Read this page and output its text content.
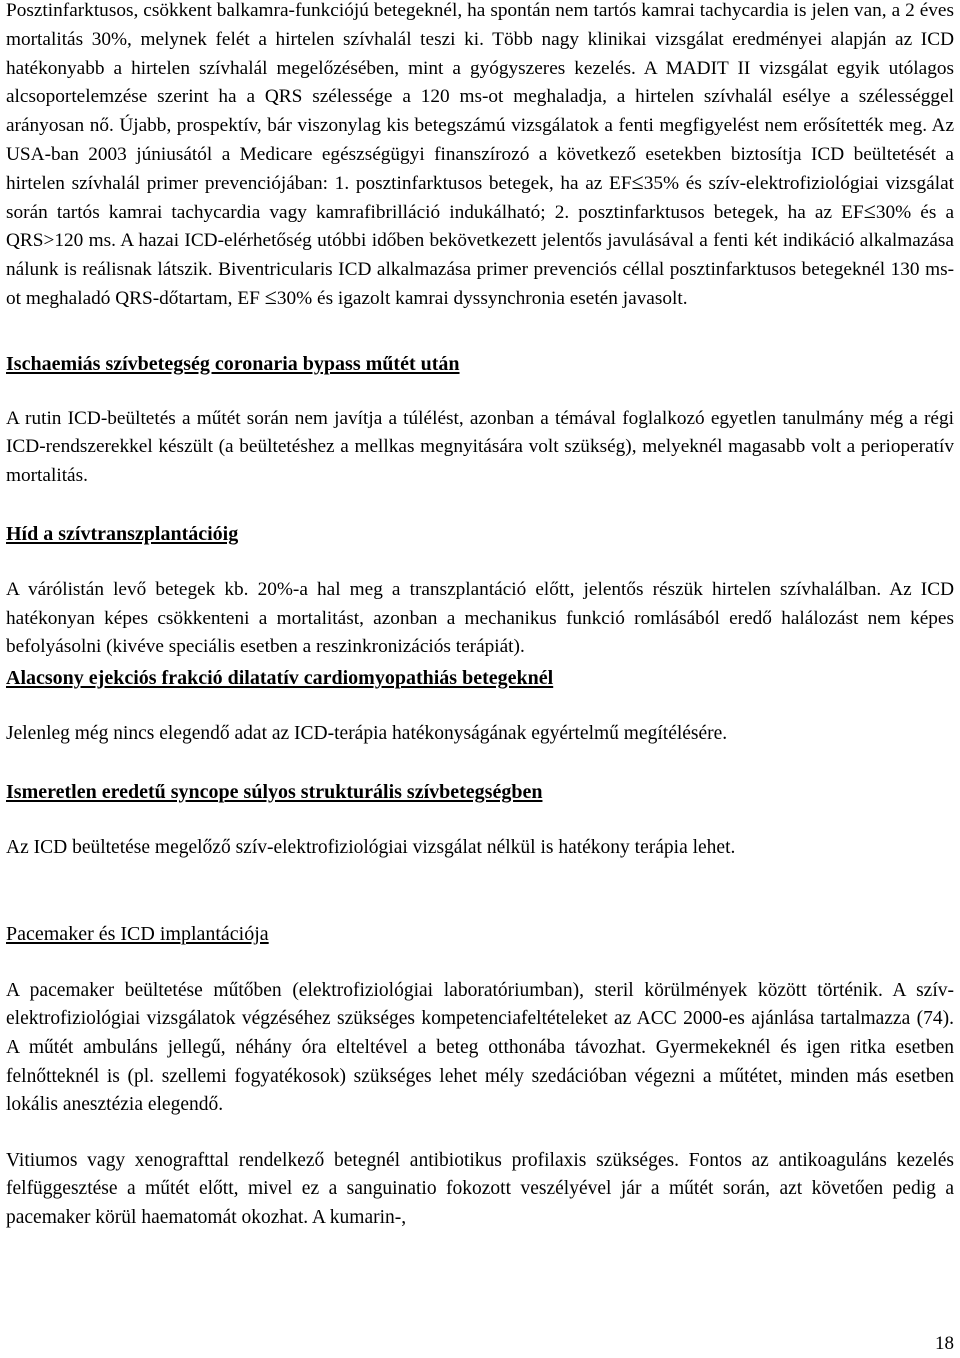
Posztinfarktusos, csökkent balkamra-funkciójú betegeknél, ha spontán nem tartós kamrai tachycardia is jelen van, a 2 éves mortalitás 30%, melynek felét a hirtelen szívhalál teszi ki. Több nagy klinikai vizsgálat eredményei alapján az ICD hatékonyabb a hirtelen szívhalál megelőzésében, mint a gyógyszeres kezelés. A MADIT II vizsgálat egyik utólagos alcsoportelemzése szerint ha a QRS szélessége a 120 ms-ot meghaladja, a hirtelen szívhalál esélye a szélességgel arányosan nő. Újabb, prospektív, bár viszonylag kis betegszámú vizsgálatok a fenti megfigyelést nem erősítették meg. Az USA-ban 2003 júniusától a Medicare egészségügyi finanszírozó a következő esetekben biztosítja ICD beültetését a hirtelen szívhalál primer prevenciójában: 1. posztinfarktusos betegek, ha az EF≤35% és szív-elektrofiziológiai vizsgálat során tartós kamrai tachycardia vagy kamrafibrilláció indukálható; 2. posztinfarktusos betegek, ha az EF≤30% és a QRS>120 ms. A hazai ICD-elérhetőség utóbbi időben bekövetkezett jelentős javulásával a fenti két indikáció alkalmazása nálunk is reálisnak látszik. Biventricularis ICD alkalmazása primer prevenciós céllal posztinfarktusos betegeknél 130 ms-ot meghaladó QRS-dőtartam, EF ≤30% és igazolt kamrai dyssynchronia esetén javasolt.

Ischaemiás szívbetegség coronaria bypass műtét után

A rutin ICD-beültetés a műtét során nem javítja a túlélést, azonban a témával foglalkozó egyetlen tanulmány még a régi ICD-rendszerekkel készült (a beültetéshez a mellkas megnyitására volt szükség), melyeknél magasabb volt a perioperatív mortalitás.

Híd a szívtranszplantációig

A várólistán levő betegek kb. 20%-a hal meg a transzplantáció előtt, jelentős részük hirtelen szívhalálban. Az ICD hatékonyan képes csökkenteni a mortalitást, azonban a mechanikus funkció romlásából eredő halálozást nem képes befolyásolni (kivéve speciális esetben a reszinkronizációs terápiát).

Alacsony ejekciós frakció dilatatív cardiomyopathiás betegeknél

Jelenleg még nincs elegendő adat az ICD-terápia hatékonyságának egyértelmű megítélésére.

Ismeretlen eredetű syncope súlyos strukturális szívbetegségben

Az ICD beültetése megelőző szív-elektrofiziológiai vizsgálat nélkül is hatékony terápia lehet.

Pacemaker és ICD implantációja

A pacemaker beültetése műtőben (elektrofiziológiai laboratóriumban), steril körülmények között történik. A szív-elektrofiziológiai vizsgálatok végzéséhez szükséges kompetenciafeltételeket az ACC 2000-es ajánlása tartalmazza (74). A műtét ambuláns jellegű, néhány óra elteltével a beteg otthonába távozhat. Gyermekeknél és igen ritka esetben felnőtteknél is (pl. szellemi fogyatékosok) szükséges lehet mély szedációban végezni a műtétet, minden más esetben lokális anesztézia elegendő.

Vitiumos vagy xenografttal rendelkező betegnél antibiotikus profilaxis szükséges. Fontos az antikoaguláns kezelés felfüggesztése a műtét előtt, mivel ez a sanguinatio fokozott veszélyével jár a műtét során, azt követően pedig a pacemaker körül haematomát okozhat. A kumarin-,

18
